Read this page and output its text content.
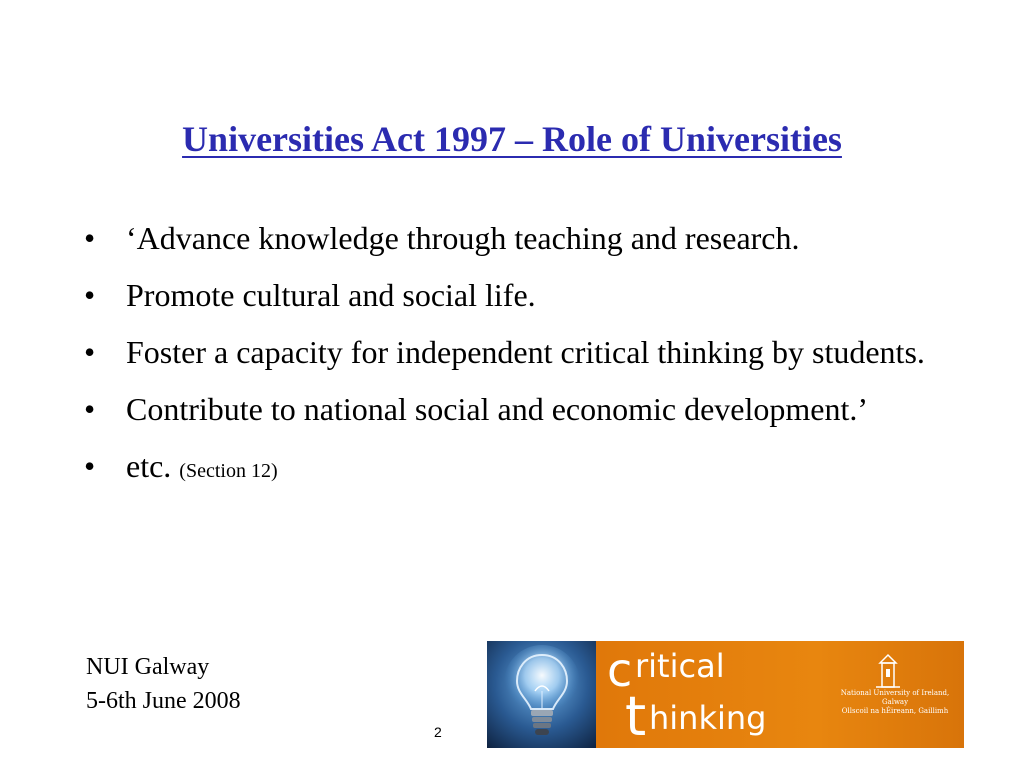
Universities Act 1997 – Role of Universities
• ‘Advance knowledge through teaching and research.
• Promote cultural and social life.
• Foster a capacity for independent critical thinking by students.
• Contribute to national social and economic development.’
• etc. (Section 12)
NUI Galway
5-6th June 2008
2
c ritical
t hinking
National University of Ireland, Galway
Ollscoil na hÉireann, Gaillimh
